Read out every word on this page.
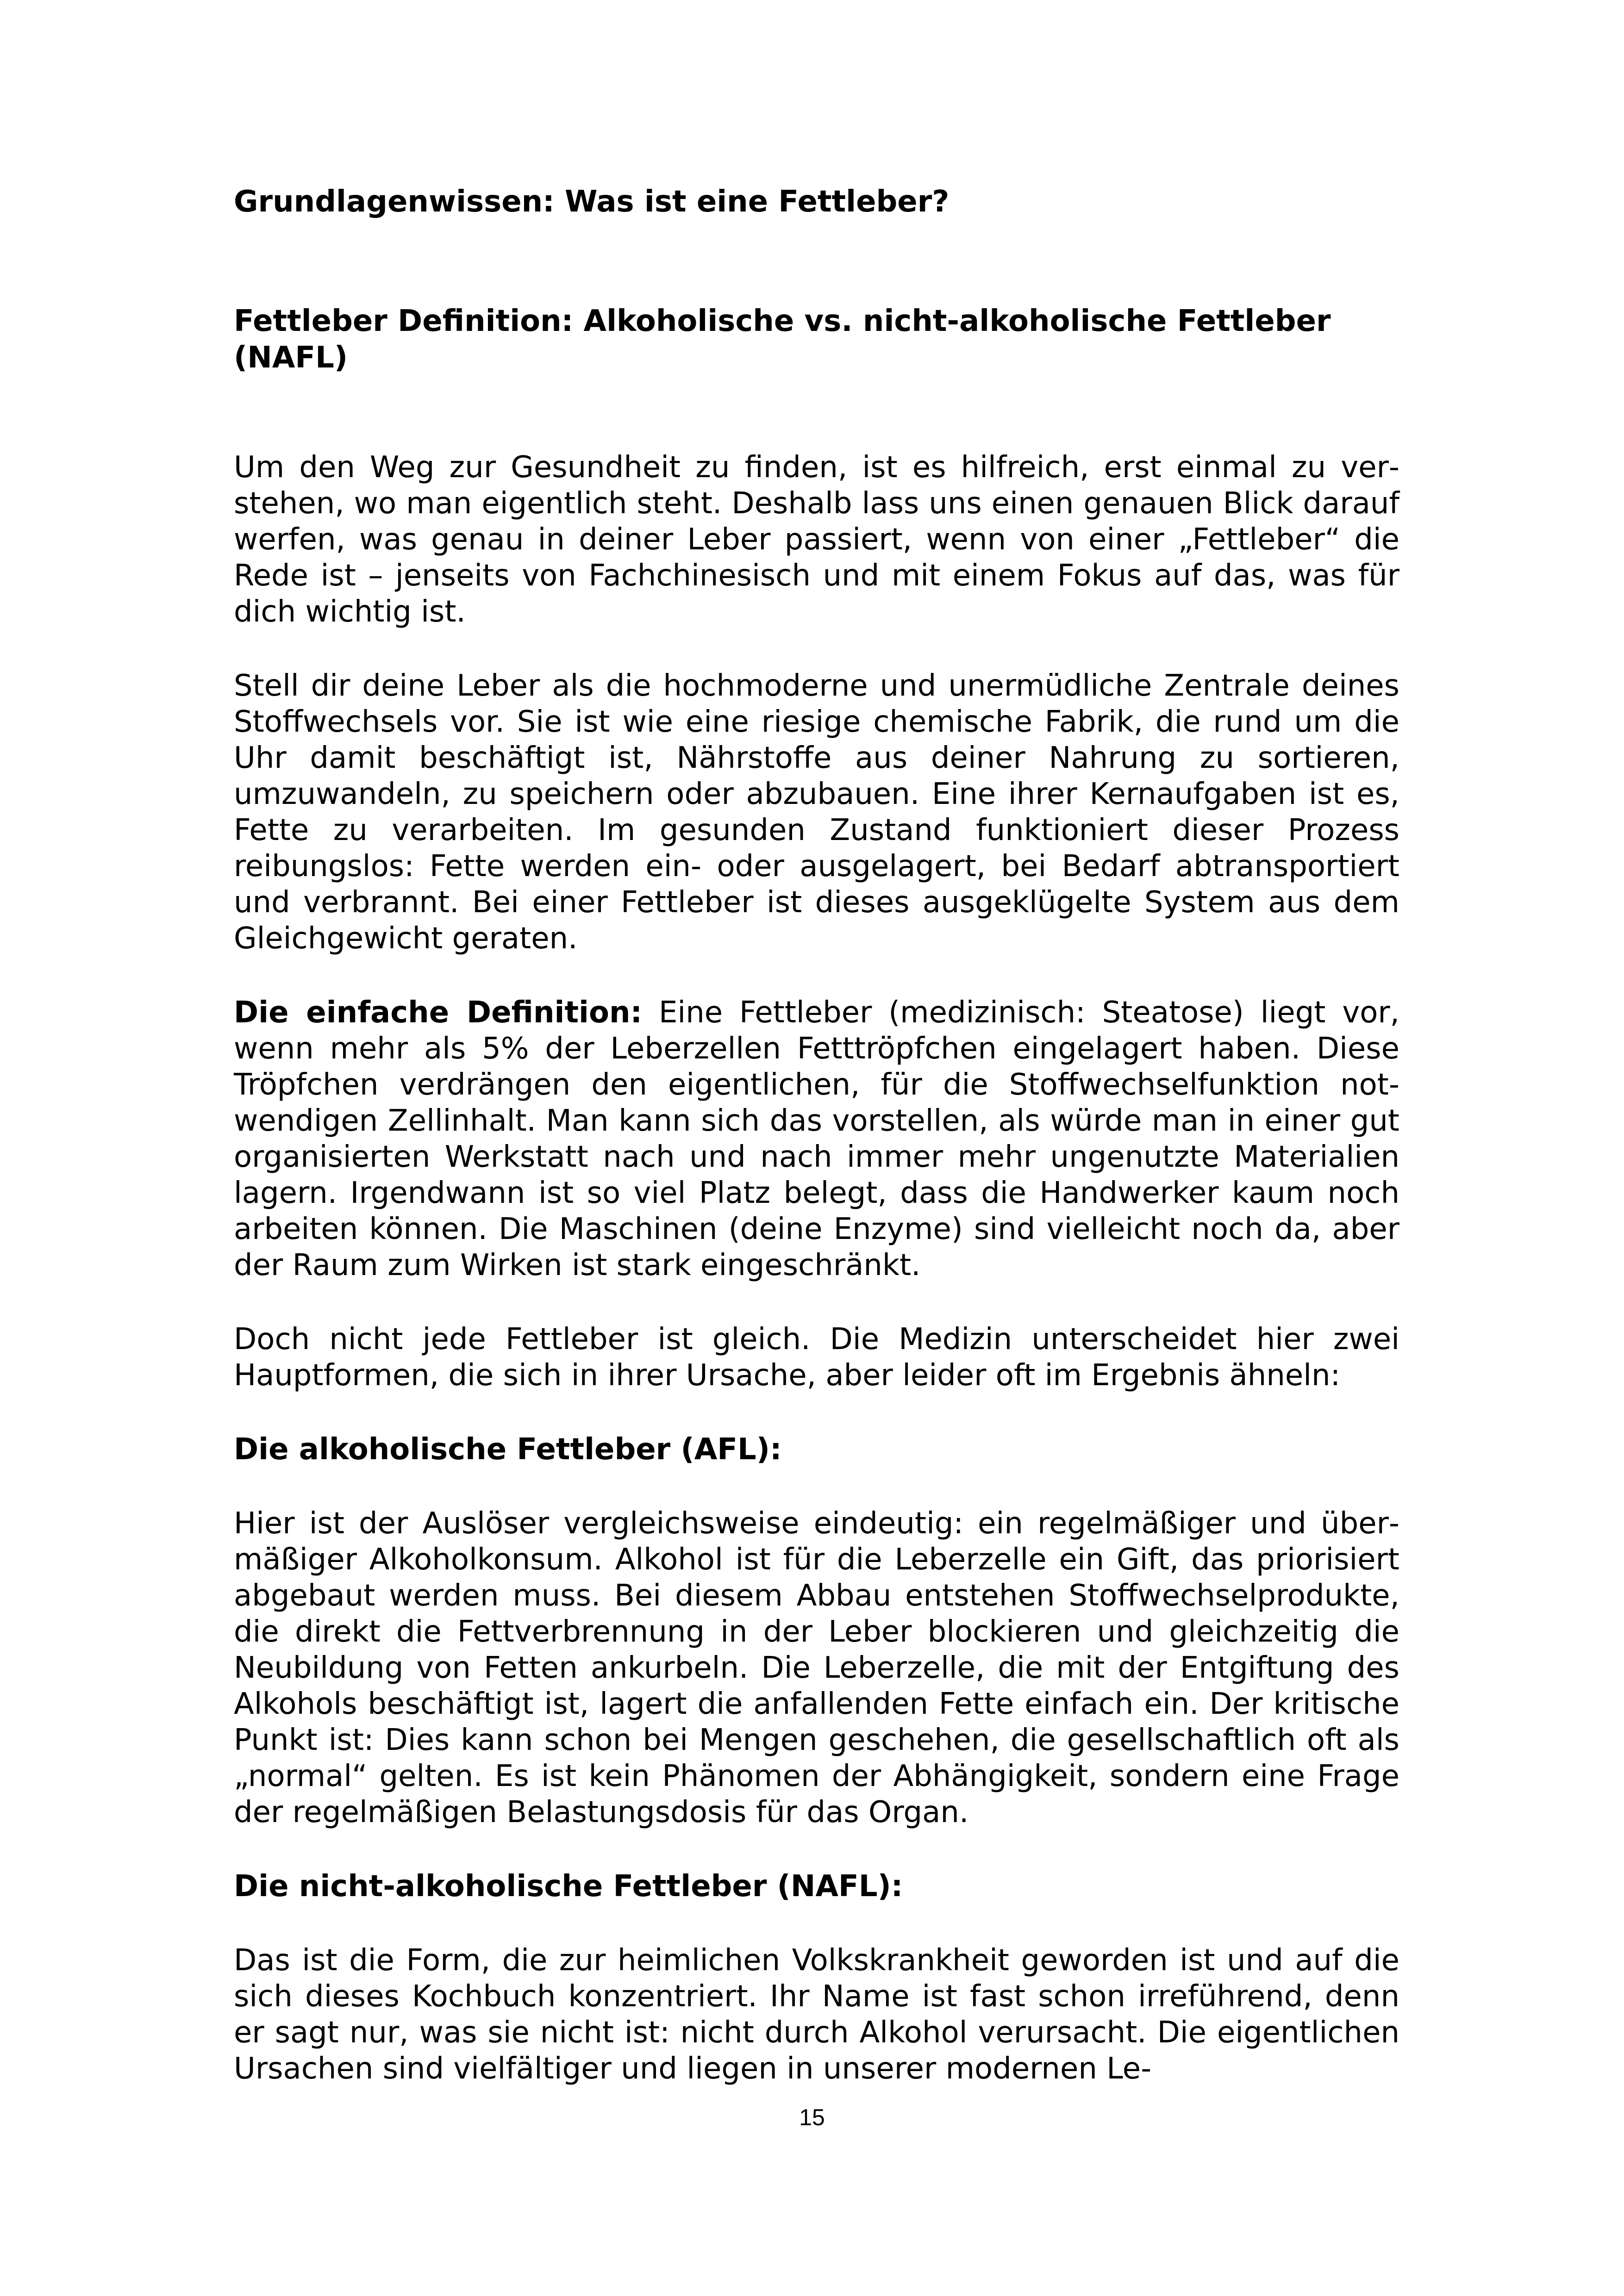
Grundlagenwissen: Was ist eine Fettleber?
Fettleber Definition: Alkoholische vs. nicht-alkoholische Fettleber (NAFL)

Um den Weg zur Gesundheit zu finden, ist es hilfreich, erst einmal zu verstehen, wo man eigentlich steht. Deshalb lass uns einen genauen Blick darauf werfen, was genau in deiner Leber passiert, wenn von einer „Fettleber“ die Rede ist – jenseits von Fachchinesisch und mit einem Fokus auf das, was für dich wichtig ist.

Stell dir deine Leber als die hochmoderne und unermüdliche Zentrale deines Stoffwechsels vor. Sie ist wie eine riesige chemische Fabrik, die rund um die Uhr damit beschäftigt ist, Nährstoffe aus deiner Nahrung zu sortieren, umzuwandeln, zu speichern oder abzubauen. Eine ihrer Kernaufgaben ist es, Fette zu verarbeiten. Im gesunden Zustand funktioniert dieser Prozess reibungslos: Fette werden ein- oder ausgelagert, bei Bedarf abtransportiert und verbrannt. Bei einer Fettleber ist dieses ausgeklügelte System aus dem Gleichgewicht geraten.

Die einfache Definition: Eine Fettleber (medizinisch: Steatose) liegt vor, wenn mehr als 5% der Leberzellen Fetttröpfchen eingelagert haben. Diese Tröpfchen verdrängen den eigentlichen, für die Stoffwechselfunktion notwendigen Zellinhalt. Man kann sich das vorstellen, als würde man in einer gut organisierten Werkstatt nach und nach immer mehr ungenutzte Materialien lagern. Irgendwann ist so viel Platz belegt, dass die Handwerker kaum noch arbeiten können. Die Maschinen (deine Enzyme) sind vielleicht noch da, aber der Raum zum Wirken ist stark eingeschränkt.

Doch nicht jede Fettleber ist gleich. Die Medizin unterscheidet hier zwei Hauptformen, die sich in ihrer Ursache, aber leider oft im Ergebnis ähneln:

Die alkoholische Fettleber (AFL):

Hier ist der Auslöser vergleichsweise eindeutig: ein regelmäßiger und übermäßiger Alkoholkonsum. Alkohol ist für die Leberzelle ein Gift, das priorisiert abgebaut werden muss. Bei diesem Abbau entstehen Stoffwechselprodukte, die direkt die Fettverbrennung in der Leber blockieren und gleichzeitig die Neubildung von Fetten ankurbeln. Die Leberzelle, die mit der Entgiftung des Alkohols beschäftigt ist, lagert die anfallenden Fette einfach ein. Der kritische Punkt ist: Dies kann schon bei Mengen geschehen, die gesellschaftlich oft als „normal“ gelten. Es ist kein Phänomen der Abhängigkeit, sondern eine Frage der regelmäßigen Belastungsdosis für das Organ.

Die nicht-alkoholische Fettleber (NAFL):

Das ist die Form, die zur heimlichen Volkskrankheit geworden ist und auf die sich dieses Kochbuch konzentriert. Ihr Name ist fast schon irreführend, denn er sagt nur, was sie nicht ist: nicht durch Alkohol verursacht. Die eigentlichen Ursachen sind vielfältiger und liegen in unserer modernen Le-

15
